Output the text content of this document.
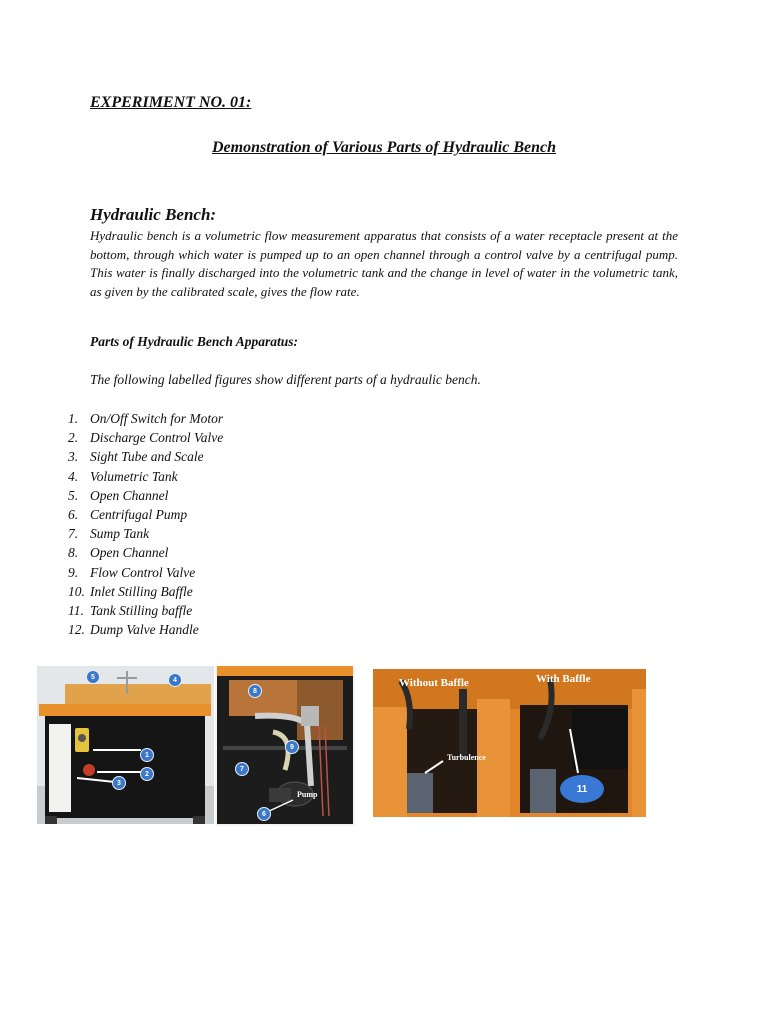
EXPERIMENT NO. 01:
Demonstration of Various Parts of Hydraulic Bench
Hydraulic Bench:
Hydraulic bench is a volumetric flow measurement apparatus that consists of a water receptacle present at the bottom, through which water is pumped up to an open channel through a control valve by a centrifugal pump. This water is finally discharged into the volumetric tank and the change in level of water in the volumetric tank, as given by the calibrated scale, gives the flow rate.
Parts of Hydraulic Bench Apparatus:
The following labelled figures show different parts of a hydraulic bench.
1. On/Off Switch for Motor
2. Discharge Control Valve
3. Sight Tube and Scale
4. Volumetric Tank
5. Open Channel
6. Centrifugal Pump
7. Sump Tank
8. Open Channel
9. Flow Control Valve
10. Inlet Stilling Baffle
11. Tank Stilling baffle
12. Dump Valve Handle
5	4
1
2
3
8
9
7
6
Pump
Without Baffle
Turbulence
With Baffle
11
